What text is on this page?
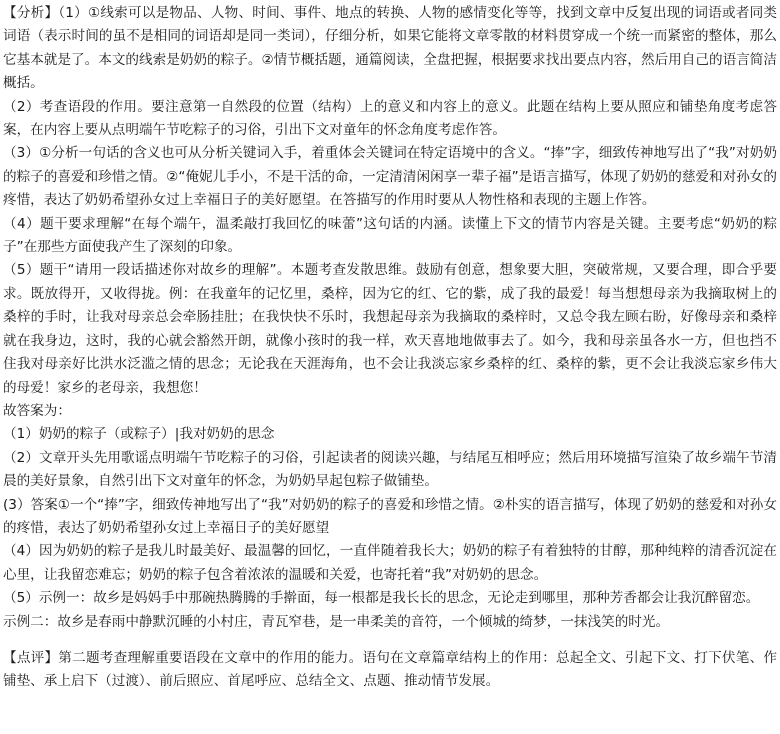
【分析】（1）①线索可以是物品、人物、时间、事件、地点的转换、人物的感情变化等等，找到文章中反复出现的词语或者同类词语（表示时间的虽不是相同的词语却是同一类词），仔细分析，如果它能将文章零散的材料贯穿成一个统一而紧密的整体，那么它基本就是了。本文的线索是奶奶的粽子。②情节概括题，通篇阅读，全盘把握，根据要求找出要点内容，然后用自己的语言简洁概括。

（2）考查语段的作用。要注意第一自然段的位置（结构）上的意义和内容上的意义。此题在结构上要从照应和铺垫角度考虑答案，在内容上要从点明端午节吃粽子的习俗，引出下文对童年的怀念角度考虑作答。

（3）①分析一句话的含义也可从分析关键词入手，着重体会关键词在特定语境中的含义。“捧”字，细致传神地写出了“我”对奶奶的粽子的喜爱和珍惜之情。②“俺妮儿手小，不是干活的命，一定清清闲闲享一辈子福”是语言描写，体现了奶奶的慈爱和对孙女的疼惜，表达了奶奶希望孙女过上幸福日子的美好愿望。在答描写的作用时要从人物性格和表现的主题上作答。

（4）题干要求理解“在每个端午，温柔敲打我回忆的味蕾”这句话的内涵。读懂上下文的情节内容是关键。主要考虑“奶奶的粽子”在那些方面使我产生了深刻的印象。

（5）题干“请用一段话描述你对故乡的理解”。本题考查发散思维。鼓励有创意，想象要大胆，突破常规，又要合理，即合乎要求。既放得开，又收得拢。例：在我童年的记忆里，桑梓，因为它的红、它的紫，成了我的最爱！每当想想母亲为我摘取树上的桑梓的手时，让我对母亲总会牵肠挂肚；在我快快不乐时，我想起母亲为我摘取的桑梓时，又总令我左顾右盼，好像母亲和桑梓就在我身边，这时，我的心就会豁然开朗，就像小孩时的我一样，欢天喜地地做事去了。如今，我和母亲虽各水一方，但也挡不住我对母亲好比洪水泛滥之情的思念；无论我在天涯海角，也不会让我淡忘家乡桑梓的红、桑梓的紫，更不会让我淡忘家乡伟大的母爱！家乡的老母亲，我想您！

故答案为：

（1）奶奶的粽子（或粽子）|我对奶奶的思念

（2）文章开头先用歌谣点明端午节吃粽子的习俗，引起读者的阅读兴趣，与结尾互相呼应；然后用环境描写渲染了故乡端午节清晨的美好景象，自然引出下文对童年的怀念，为奶奶早起包粽子做铺垫。

(3）答案①一个“捧”字，细致传神地写出了“我”对奶奶的粽子的喜爱和珍惜之情。②朴实的语言描写，体现了奶奶的慈爱和对孙女的疼惜，表达了奶奶希望孙女过上幸福日子的美好愿望

（4）因为奶奶的粽子是我儿时最美好、最温馨的回忆，一直伴随着我长大；奶奶的粽子有着独特的甘醇，那种纯粹的清香沉淀在心里，让我留恋难忘；奶奶的粽子包含着浓浓的温暖和关爱，也寄托着“我”对奶奶的思念。

（5）示例一：故乡是妈妈手中那碗热腾腾的手擀面，每一根都是我长长的思念，无论走到哪里，那种芳香都会让我沉醉留恋。

示例二：故乡是春雨中静默沉睡的小村庄，青瓦窄巷，是一串柔美的音符，一个倾城的绮梦，一抹浅笑的时光。

【点评】第二题考查理解重要语段在文章中的作用的能力。语句在文章篇章结构上的作用：总起全文、引起下文、打下伏笔、作铺垫、承上启下（过渡）、前后照应、首尾呼应、总结全文、点题、推动情节发展。
